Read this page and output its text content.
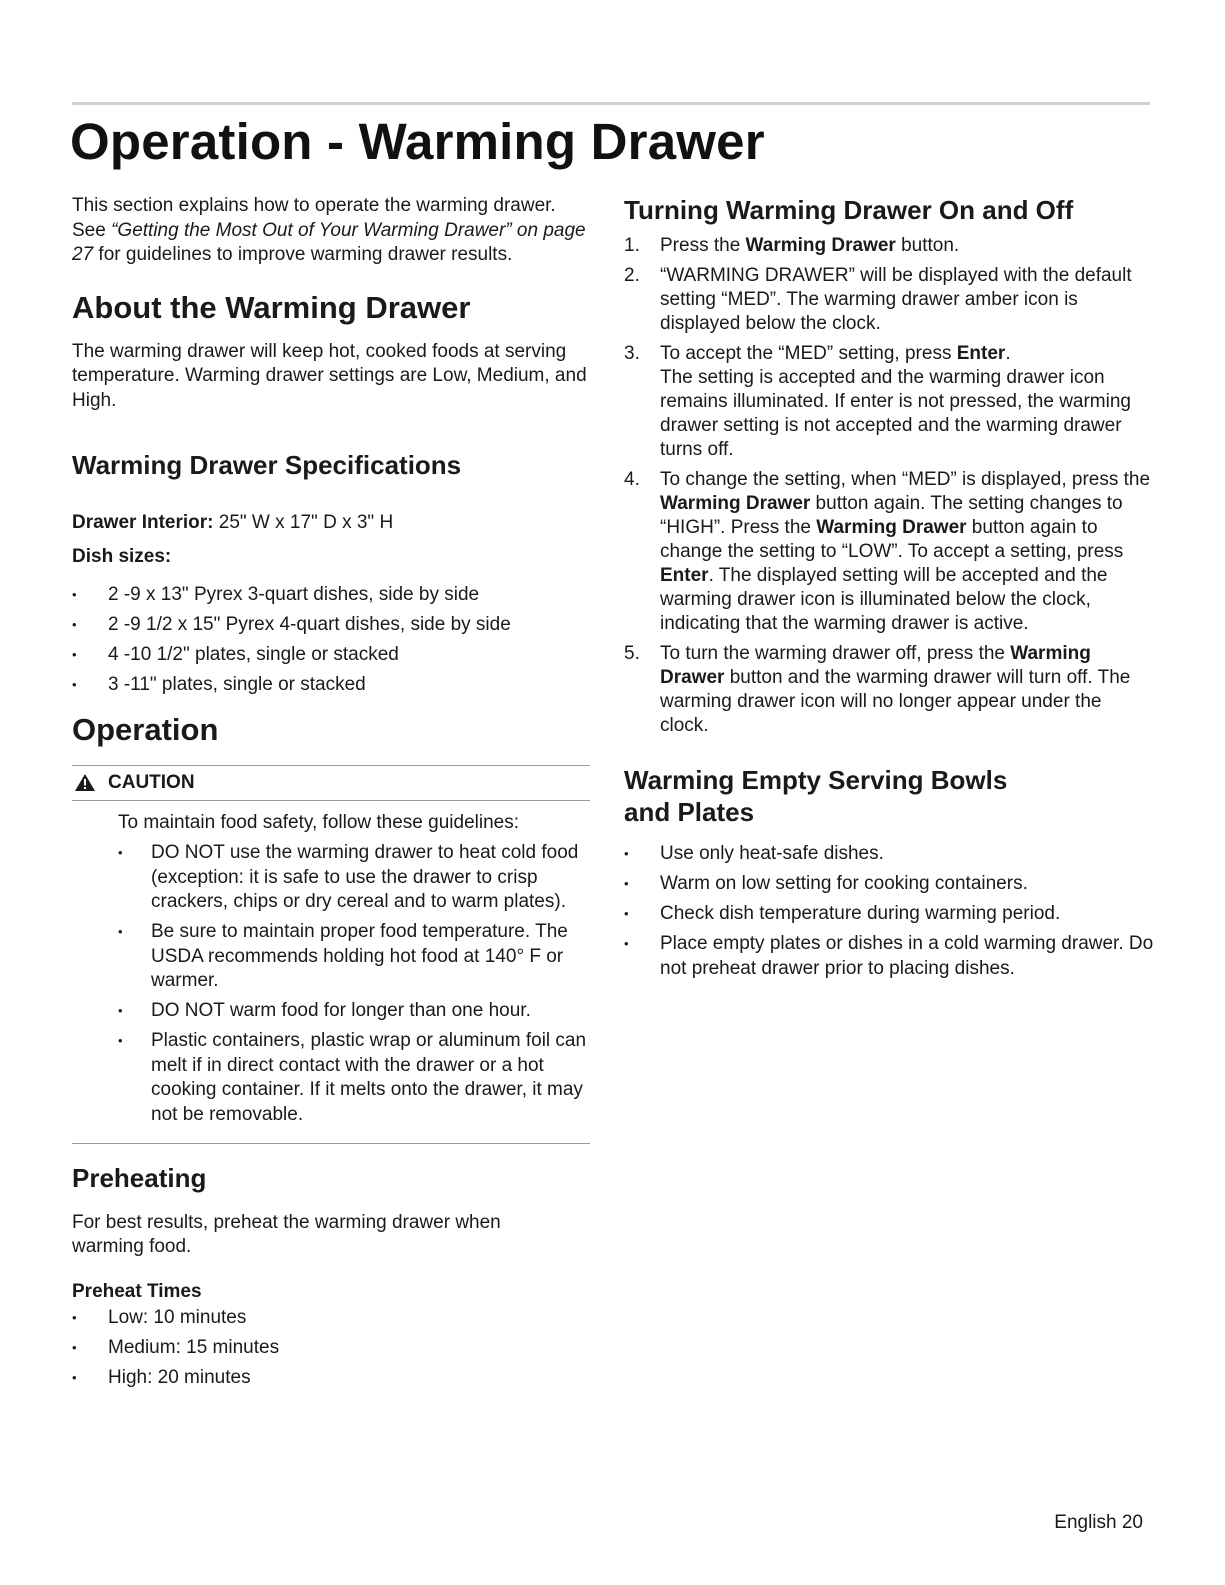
Operation - Warming Drawer

This section explains how to operate the warming drawer. See “Getting the Most Out of Your Warming Drawer” on page 27 for guidelines to improve warming drawer results.

About the Warming Drawer

The warming drawer will keep hot, cooked foods at serving temperature. Warming drawer settings are Low, Medium, and High.

Warming Drawer Specifications

Drawer Interior: 25" W x 17" D x 3" H

Dish sizes:

• 2 -9 x 13" Pyrex 3-quart dishes, side by side
• 2 -9 1/2 x 15" Pyrex 4-quart dishes, side by side
• 4 -10 1/2" plates, single or stacked
• 3 -11" plates, single or stacked
Operation
CAUTION

To maintain food safety, follow these guidelines:

• DO NOT use the warming drawer to heat cold food (exception: it is safe to use the drawer to crisp crackers, chips or dry cereal and to warm plates).
• Be sure to maintain proper food temperature. The USDA recommends holding hot food at 140° F or warmer.
• DO NOT warm food for longer than one hour.
• Plastic containers, plastic wrap or aluminum foil can melt if in direct contact with the drawer or a hot cooking container. If it melts onto the drawer, it may not be removable.
Preheating

For best results, preheat the warming drawer when warming food.

Preheat Times

• Low: 10 minutes
• Medium: 15 minutes
• High: 20 minutes
Turning Warming Drawer On and Off
1. Press the Warming Drawer button.
2. “WARMING DRAWER” will be displayed with the default setting “MED”. The warming drawer amber icon is displayed below the clock.
3. To accept the “MED” setting, press Enter.
The setting is accepted and the warming drawer icon remains illuminated. If enter is not pressed, the warming drawer setting is not accepted and the warming drawer turns off.
4. To change the setting, when “MED” is displayed, press the Warming Drawer button again. The setting changes to “HIGH”. Press the Warming Drawer button again to change the setting to “LOW”. To accept a setting, press Enter. The displayed setting will be accepted and the warming drawer icon is illuminated below the clock, indicating that the warming drawer is active.
5. To turn the warming drawer off, press the Warming Drawer button and the warming drawer will turn off. The warming drawer icon will no longer appear under the clock.
Warming Empty Serving Bowls
and Plates
• Use only heat-safe dishes.
• Warm on low setting for cooking containers.
• Check dish temperature during warming period.
• Place empty plates or dishes in a cold warming drawer. Do not preheat drawer prior to placing dishes.
English 20
